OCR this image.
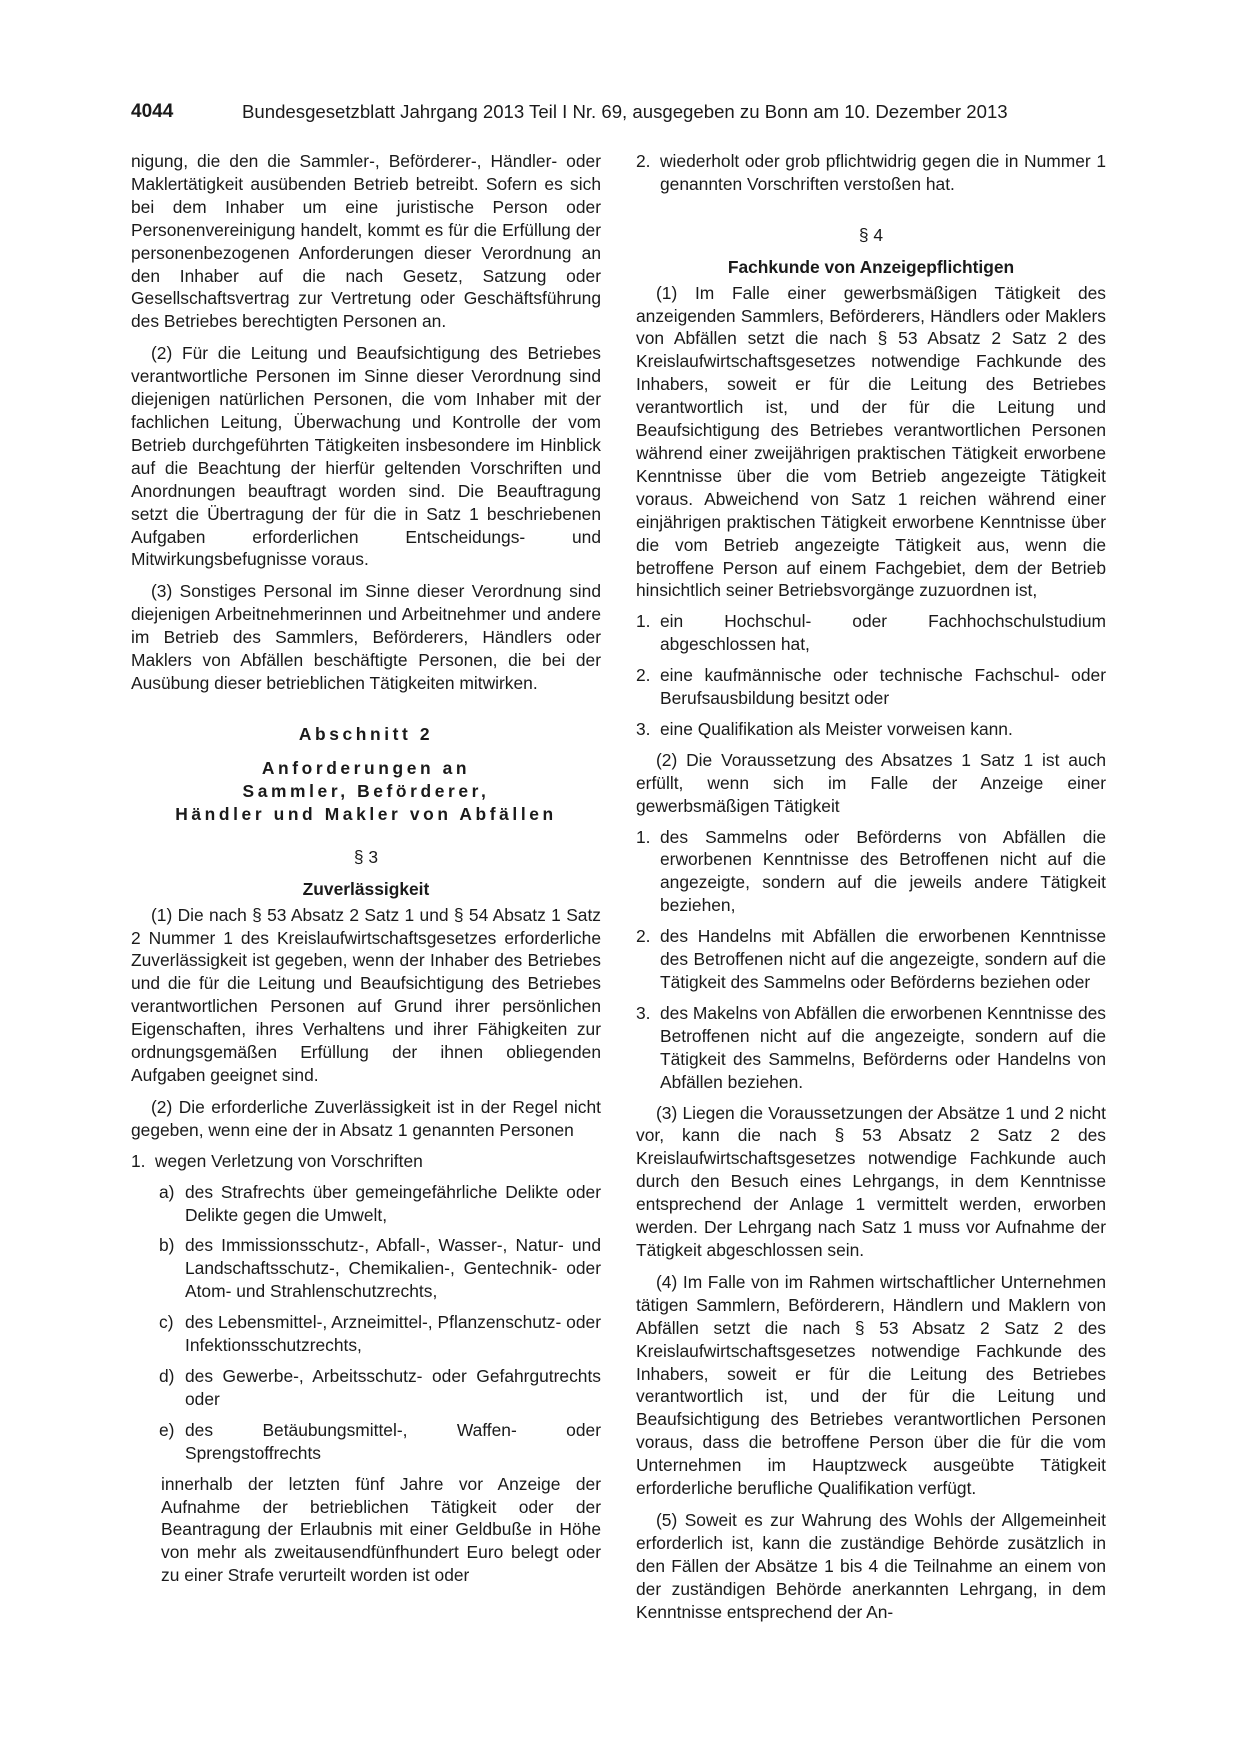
4044	Bundesgesetzblatt Jahrgang 2013 Teil I Nr. 69, ausgegeben zu Bonn am 10. Dezember 2013

nigung, die den die Sammler-, Beförderer-, Händler- oder Maklertätigkeit ausübenden Betrieb betreibt. Sofern es sich bei dem Inhaber um eine juristische Person oder Personenvereinigung handelt, kommt es für die Erfüllung der personenbezogenen Anforderungen dieser Verordnung an den Inhaber auf die nach Gesetz, Satzung oder Gesellschaftsvertrag zur Vertretung oder Geschäftsführung des Betriebes berechtigten Personen an.

(2) Für die Leitung und Beaufsichtigung des Betriebes verantwortliche Personen im Sinne dieser Verordnung sind diejenigen natürlichen Personen, die vom Inhaber mit der fachlichen Leitung, Überwachung und Kontrolle der vom Betrieb durchgeführten Tätigkeiten insbesondere im Hinblick auf die Beachtung der hierfür geltenden Vorschriften und Anordnungen beauftragt worden sind. Die Beauftragung setzt die Übertragung der für die in Satz 1 beschriebenen Aufgaben erforderlichen Entscheidungs- und Mitwirkungsbefugnisse voraus.

(3) Sonstiges Personal im Sinne dieser Verordnung sind diejenigen Arbeitnehmerinnen und Arbeitnehmer und andere im Betrieb des Sammlers, Beförderers, Händlers oder Maklers von Abfällen beschäftigte Personen, die bei der Ausübung dieser betrieblichen Tätigkeiten mitwirken.

Abschnitt 2

Anforderungen an

Sammler, Beförderer,

Händler und Makler von Abfällen

§ 3

Zuverlässigkeit

(1) Die nach § 53 Absatz 2 Satz 1 und § 54 Absatz 1 Satz 2 Nummer 1 des Kreislaufwirtschaftsgesetzes erforderliche Zuverlässigkeit ist gegeben, wenn der Inhaber des Betriebes und die für die Leitung und Beaufsichtigung des Betriebes verantwortlichen Personen auf Grund ihrer persönlichen Eigenschaften, ihres Verhaltens und ihrer Fähigkeiten zur ordnungsgemäßen Erfüllung der ihnen obliegenden Aufgaben geeignet sind.

(2) Die erforderliche Zuverlässigkeit ist in der Regel nicht gegeben, wenn eine der in Absatz 1 genannten Personen

1. wegen Verletzung von Vorschriften
a) des Strafrechts über gemeingefährliche Delikte oder Delikte gegen die Umwelt,
b) des Immissionsschutz-, Abfall-, Wasser-, Natur- und Landschaftsschutz-, Chemikalien-, Gentechnik- oder Atom- und Strahlenschutzrechts,
c) des Lebensmittel-, Arzneimittel-, Pflanzenschutz- oder Infektionsschutzrechts,
d) des Gewerbe-, Arbeitsschutz- oder Gefahrgutrechts oder
e) des Betäubungsmittel-, Waffen- oder Sprengstoffrechts

innerhalb der letzten fünf Jahre vor Anzeige der Aufnahme der betrieblichen Tätigkeit oder der Beantragung der Erlaubnis mit einer Geldbuße in Höhe von mehr als zweitausendfünfhundert Euro belegt oder zu einer Strafe verurteilt worden ist oder

2. wiederholt oder grob pflichtwidrig gegen die in Nummer 1 genannten Vorschriften verstoßen hat.

§ 4

Fachkunde von Anzeigepflichtigen

(1) Im Falle einer gewerbsmäßigen Tätigkeit des anzeigenden Sammlers, Beförderers, Händlers oder Maklers von Abfällen setzt die nach § 53 Absatz 2 Satz 2 des Kreislaufwirtschaftsgesetzes notwendige Fachkunde des Inhabers, soweit er für die Leitung des Betriebes verantwortlich ist, und der für die Leitung und Beaufsichtigung des Betriebes verantwortlichen Personen während einer zweijährigen praktischen Tätigkeit erworbene Kenntnisse über die vom Betrieb angezeigte Tätigkeit voraus. Abweichend von Satz 1 reichen während einer einjährigen praktischen Tätigkeit erworbene Kenntnisse über die vom Betrieb angezeigte Tätigkeit aus, wenn die betroffene Person auf einem Fachgebiet, dem der Betrieb hinsichtlich seiner Betriebsvorgänge zuzuordnen ist,

1. ein Hochschul- oder Fachhochschulstudium abgeschlossen hat,
2. eine kaufmännische oder technische Fachschul- oder Berufsausbildung besitzt oder
3. eine Qualifikation als Meister vorweisen kann.

(2) Die Voraussetzung des Absatzes 1 Satz 1 ist auch erfüllt, wenn sich im Falle der Anzeige einer gewerbsmäßigen Tätigkeit

1. des Sammelns oder Beförderns von Abfällen die erworbenen Kenntnisse des Betroffenen nicht auf die angezeigte, sondern auf die jeweils andere Tätigkeit beziehen,
2. des Handelns mit Abfällen die erworbenen Kenntnisse des Betroffenen nicht auf die angezeigte, sondern auf die Tätigkeit des Sammelns oder Beförderns beziehen oder
3. des Makelns von Abfällen die erworbenen Kenntnisse des Betroffenen nicht auf die angezeigte, sondern auf die Tätigkeit des Sammelns, Beförderns oder Handelns von Abfällen beziehen.

(3) Liegen die Voraussetzungen der Absätze 1 und 2 nicht vor, kann die nach § 53 Absatz 2 Satz 2 des Kreislaufwirtschaftsgesetzes notwendige Fachkunde auch durch den Besuch eines Lehrgangs, in dem Kenntnisse entsprechend der Anlage 1 vermittelt werden, erworben werden. Der Lehrgang nach Satz 1 muss vor Aufnahme der Tätigkeit abgeschlossen sein.

(4) Im Falle von im Rahmen wirtschaftlicher Unternehmen tätigen Sammlern, Beförderern, Händlern und Maklern von Abfällen setzt die nach § 53 Absatz 2 Satz 2 des Kreislaufwirtschaftsgesetzes notwendige Fachkunde des Inhabers, soweit er für die Leitung des Betriebes verantwortlich ist, und der für die Leitung und Beaufsichtigung des Betriebes verantwortlichen Personen voraus, dass die betroffene Person über die für die vom Unternehmen im Hauptzweck ausgeübte Tätigkeit erforderliche berufliche Qualifikation verfügt.

(5) Soweit es zur Wahrung des Wohls der Allgemeinheit erforderlich ist, kann die zuständige Behörde zusätzlich in den Fällen der Absätze 1 bis 4 die Teilnahme an einem von der zuständigen Behörde anerkannten Lehrgang, in dem Kenntnisse entsprechend der An-
